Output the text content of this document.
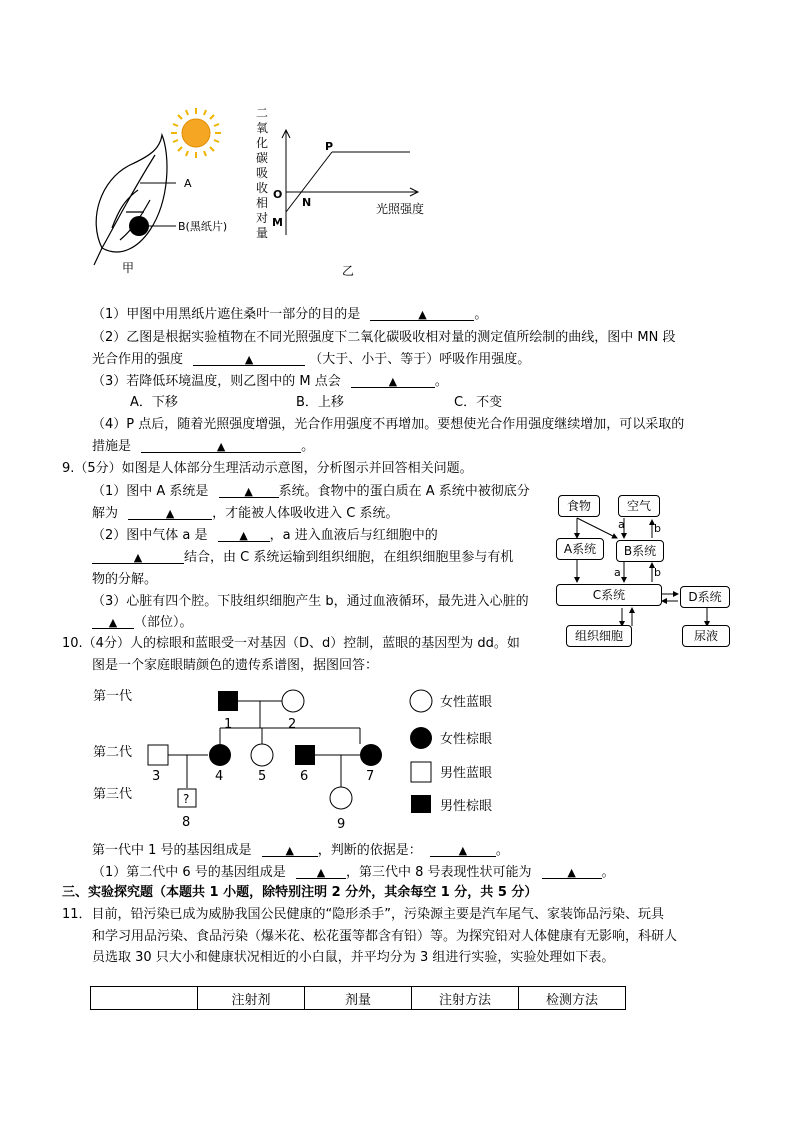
A
B(黑纸片)
甲
P
O
N
M
光照强度
乙
二氧化碳吸收相对量
（1）甲图中用黑纸片遮住桑叶一部分的目的是	▲	。
（2）乙图是根据实验植物在不同光照强度下二氧化碳吸收相对量的测定值所绘制的曲线，图中 MN 段
光合作用的强度	▲	（大于、小于、等于）呼吸作用强度。
（3）若降低环境温度，则乙图中的 M 点会	▲	。
A．下移	B．上移	C．不变
（4）P 点后，随着光照强度增强，光合作用强度不再增加。要想使光合作用强度继续增加，可以采取的
措施是	▲	。
9.（5分）如图是人体部分生理活动示意图，分析图示并回答相关问题。
（1）图中 A 系统是	▲ 系统。食物中的蛋白质在 A 系统中被彻底分
解为	▲	，才能被人体吸收进入 C 系统。
（2）图中气体 a 是	▲ ，a 进入血液后与红细胞中的
▲	结合，由 C 系统运输到组织细胞，在组织细胞里参与有机
物的分解。
（3）心脏有四个腔。下肢组织细胞产生 b，通过血液循环，最先进入心脏的
▲ （部位）。
a	b
a	b
食物	空气
A系统	B系统
C系统	D系统
组织细胞	尿液
10.（4分）人的棕眼和蓝眼受一对基因（D、d）控制，蓝眼的基因型为 dd。如
图是一个家庭眼睛颜色的遗传系谱图，据图回答：
第一代
第二代
第三代	?
1	2
3	4	5	6	7
8	9
女性蓝眼
女性棕眼
男性蓝眼
男性棕眼
第一代中 1 号的基因组成是	▲ ，判断的依据是：	▲ 。
（1）第二代中 6 号的基因组成是	▲ ，第三代中 8 号表现性状可能为	▲ 。
三、实验探究题（本题共 1 小题，除特别注明 2 分外，其余每空 1 分，共 5 分）
11．目前，铅污染已成为威胁我国公民健康的“隐形杀手”，污染源主要是汽车尾气、家装饰品污染、玩具
和学习用品污染、食品污染（爆米花、松花蛋等都含有铅）等。为探究铅对人体健康有无影响，科研人
员选取 30 只大小和健康状况相近的小白鼠，并平均分为 3 组进行实验，实验处理如下表。
	注射剂	剂量	注射方法	检测方法
